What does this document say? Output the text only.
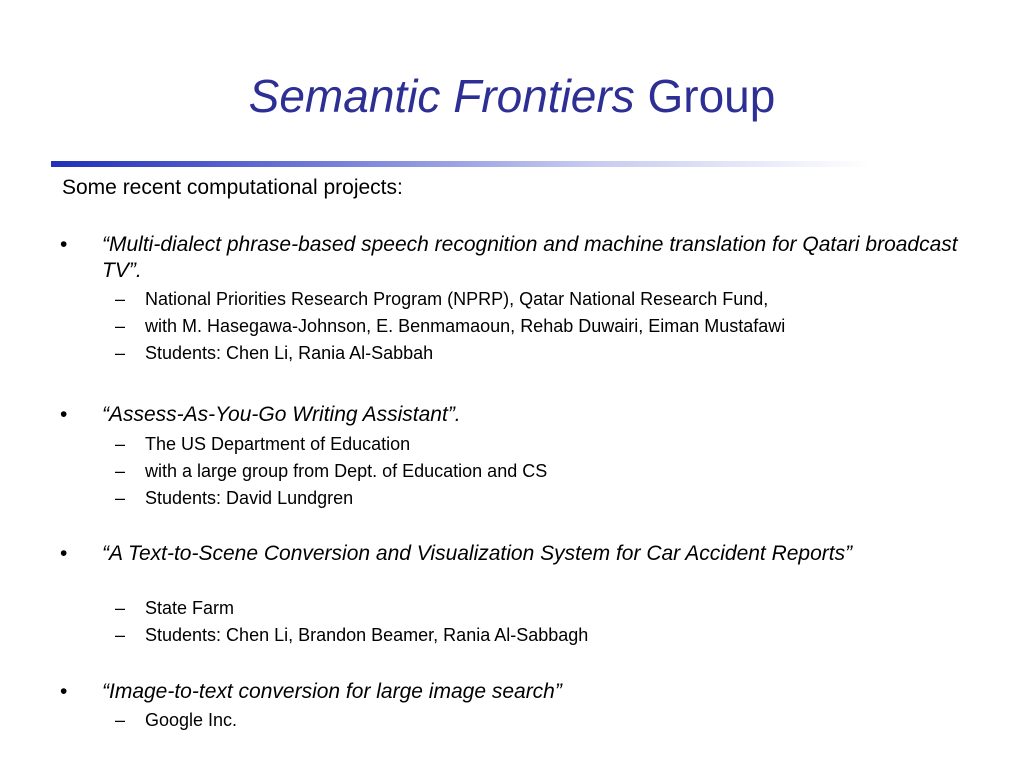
Semantic Frontiers Group
Some recent computational projects:
• “Multi-dialect phrase-based speech recognition and machine translation for Qatari broadcast TV”.
– National Priorities Research Program (NPRP), Qatar National Research Fund,
– with M. Hasegawa-Johnson, E. Benmamaoun, Rehab Duwairi, Eiman Mustafawi
– Students: Chen Li, Rania Al-Sabbah
• “Assess-As-You-Go Writing Assistant”.
– The US Department of Education
– with a large group from Dept. of Education and CS
– Students: David Lundgren
• “A Text-to-Scene Conversion and Visualization System for Car Accident Reports”
– State Farm
– Students: Chen Li, Brandon Beamer, Rania Al-Sabbagh
• “Image-to-text conversion for large image search”
– Google Inc.
